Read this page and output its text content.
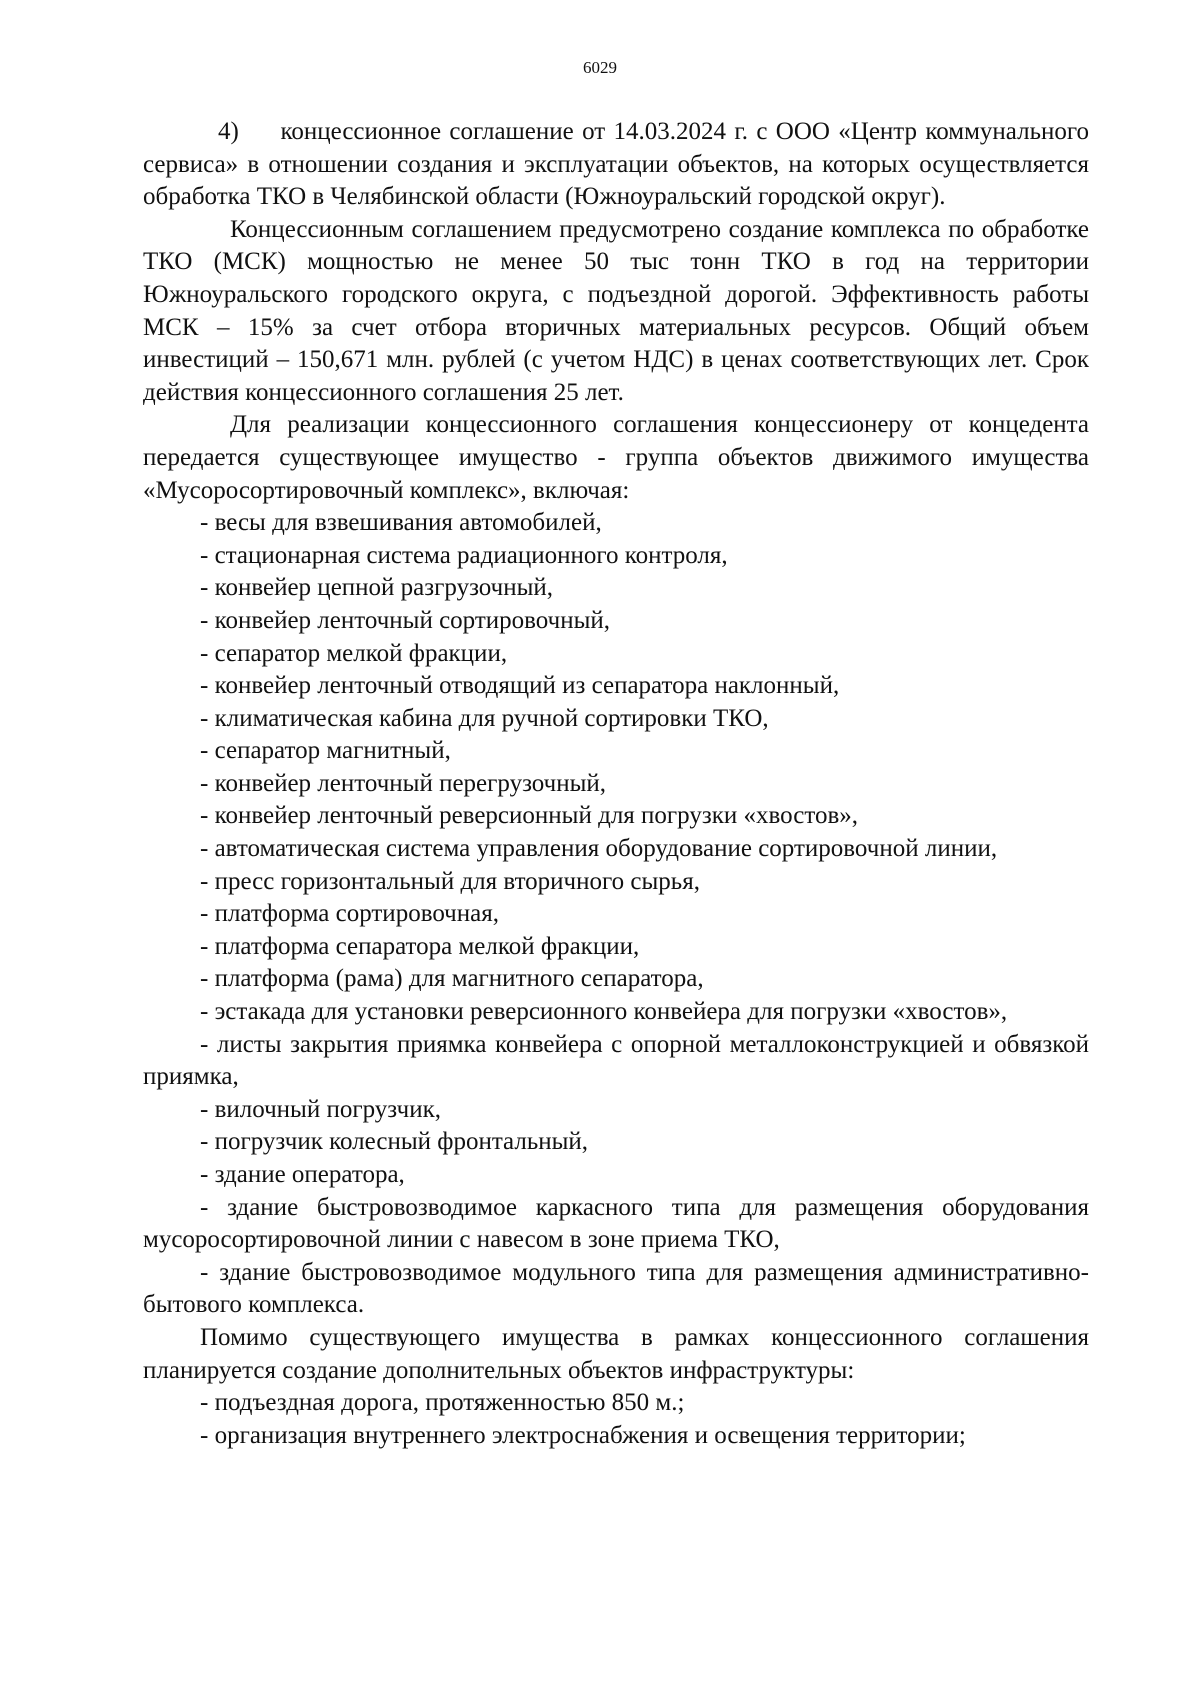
6029

4)     концессионное соглашение от 14.03.2024 г. с ООО «Центр коммунального сервиса» в отношении создания и эксплуатации объектов, на которых осуществляется обработка ТКО в Челябинской области (Южноуральский городской округ).

Концессионным соглашением предусмотрено создание комплекса по обработке ТКО (МСК) мощностью не менее 50 тыс тонн ТКО в год на территории Южноуральского городского округа, с подъездной дорогой. Эффективность работы МСК – 15% за счет отбора вторичных материальных ресурсов. Общий объем инвестиций – 150,671 млн. рублей (с учетом НДС) в ценах соответствующих лет. Срок действия концессионного соглашения 25 лет.

Для реализации концессионного соглашения концессионеру от концедента передается существующее имущество - группа объектов движимого имущества «Мусоросортировочный комплекс», включая:

- весы для взвешивания автомобилей,
- стационарная система радиационного контроля,
- конвейер цепной разгрузочный,
- конвейер ленточный сортировочный,
- сепаратор мелкой фракции,
- конвейер ленточный отводящий из сепаратора наклонный,
- климатическая кабина для ручной сортировки ТКО,
- сепаратор магнитный,
- конвейер ленточный перегрузочный,
- конвейер ленточный реверсионный для погрузки «хвостов»,
- автоматическая система управления оборудование сортировочной линии,
- пресс горизонтальный для вторичного сырья,
- платформа сортировочная,
- платформа сепаратора мелкой фракции,
- платформа (рама) для магнитного сепаратора,
- эстакада для установки реверсионного конвейера для погрузки «хвостов»,
- листы закрытия приямка конвейера с опорной металлоконструкцией и обвязкой приямка,
- вилочный погрузчик,
- погрузчик колесный фронтальный,
- здание оператора,
- здание быстровозводимое каркасного типа для размещения оборудования мусоросортировочной линии с навесом в зоне приема ТКО,
- здание быстровозводимое модульного типа для размещения административно-бытового комплекса.

Помимо существующего имущества в рамках концессионного соглашения планируется создание дополнительных объектов инфраструктуры:

- подъездная дорога, протяженностью 850 м.;
- организация внутреннего электроснабжения и освещения территории;
